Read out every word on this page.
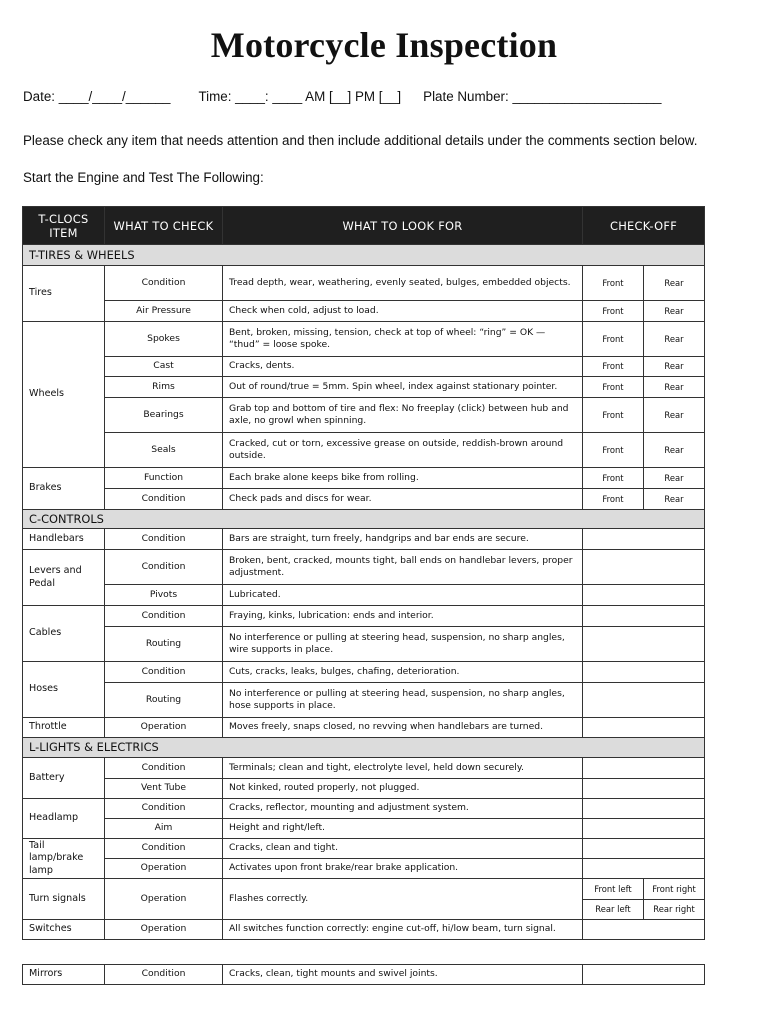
Motorcycle Inspection
Date: ____/____/______ Time: ____: ____ AM [__] PM [__] Plate Number: ____________________
Please check any item that needs attention and then include additional details under the comments section below.
Start the Engine and Test The Following:
T-CLOCS ITEM	WHAT TO CHECK	WHAT TO LOOK FOR	CHECK-OFF	
T-TIRES & WHEELS				
Tires	Condition	Tread depth, wear, weathering, evenly seated, bulges, embedded objects.	Front	Rear
	Air Pressure	Check when cold, adjust to load.	Front	Rear
Wheels	Spokes	Bent, broken, missing, tension, check at top of wheel: “ring” = OK — “thud” = loose spoke.	Front	Rear
	Cast	Cracks, dents.	Front	Rear
	Rims	Out of round/true = 5mm. Spin wheel, index against stationary pointer.	Front	Rear
	Bearings	Grab top and bottom of tire and flex: No freeplay (click) between hub and axle, no growl when spinning.	Front	Rear
	Seals	Cracked, cut or torn, excessive grease on outside, reddish-brown around outside.	Front	Rear
Brakes	Function	Each brake alone keeps bike from rolling.	Front	Rear
	Condition	Check pads and discs for wear.	Front	Rear
C-CONTROLS				
Handlebars	Condition	Bars are straight, turn freely, handgrips and bar ends are secure.		
Levers and Pedal	Condition	Broken, bent, cracked, mounts tight, ball ends on handlebar levers, proper adjustment.		
	Pivots	Lubricated.		
Cables	Condition	Fraying, kinks, lubrication: ends and interior.		
	Routing	No interference or pulling at steering head, suspension, no sharp angles, wire supports in place.		
Hoses	Condition	Cuts, cracks, leaks, bulges, chafing, deterioration.		
	Routing	No interference or pulling at steering head, suspension, no sharp angles, hose supports in place.		
Throttle	Operation	Moves freely, snaps closed, no revving when handlebars are turned.		
L-LIGHTS & ELECTRICS				
Battery	Condition	Terminals; clean and tight, electrolyte level, held down securely.		
	Vent Tube	Not kinked, routed properly, not plugged.		
Headlamp	Condition	Cracks, reflector, mounting and adjustment system.		
	Aim	Height and right/left.		
Tail lamp/brake lamp	Condition	Cracks, clean and tight.		
	Operation	Activates upon front brake/rear brake application.		
Turn signals	Operation	Flashes correctly.	Front left	Front right
			Rear left	Rear right
Switches	Operation	All switches function correctly: engine cut-off, hi/low beam, turn signal.		
Mirrors	Condition	Cracks, clean, tight mounts and swivel joints.	
